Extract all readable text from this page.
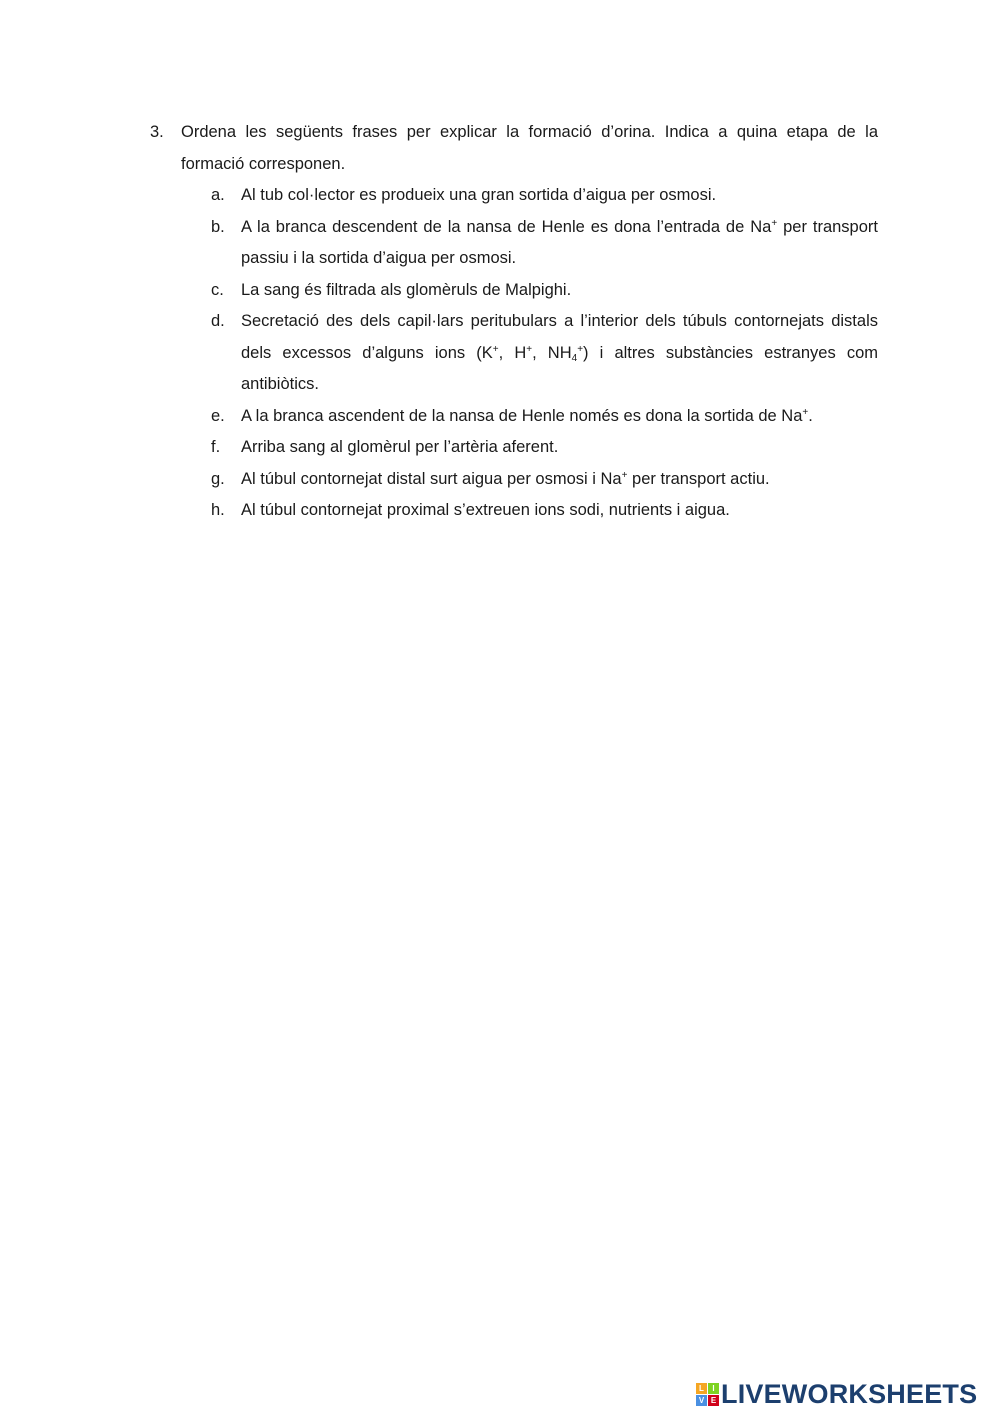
3.	Ordena les següents frases per explicar la formació d’orina. Indica a quina etapa de la formació corresponen.
a. Al tub col·lector es produeix una gran sortida d’aigua per osmosi.
b. A la branca descendent de la nansa de Henle es dona l’entrada de Na+ per transport passiu i la sortida d’aigua per osmosi.
c.	La sang és filtrada als glomèruls de Malpighi.
d. Secretació des dels capil·lars peritubulars a l’interior dels túbuls contornejats distals dels excessos d’alguns ions (K+, H+, $NH_4^+$) i altres substàncies estranyes com antibiòtics.
e. A la branca ascendent de la nansa de Henle només es dona la sortida de Na+.
f.	Arriba sang al glomèrul per l’artèria aferent.
g. Al túbul contornejat distal surt aigua per osmosi i Na+ per transport actiu.
h. Al túbul contornejat proximal s’extreuen ions sodi, nutrients i aigua.
L	I
V E LIVEWORKSHEETS
